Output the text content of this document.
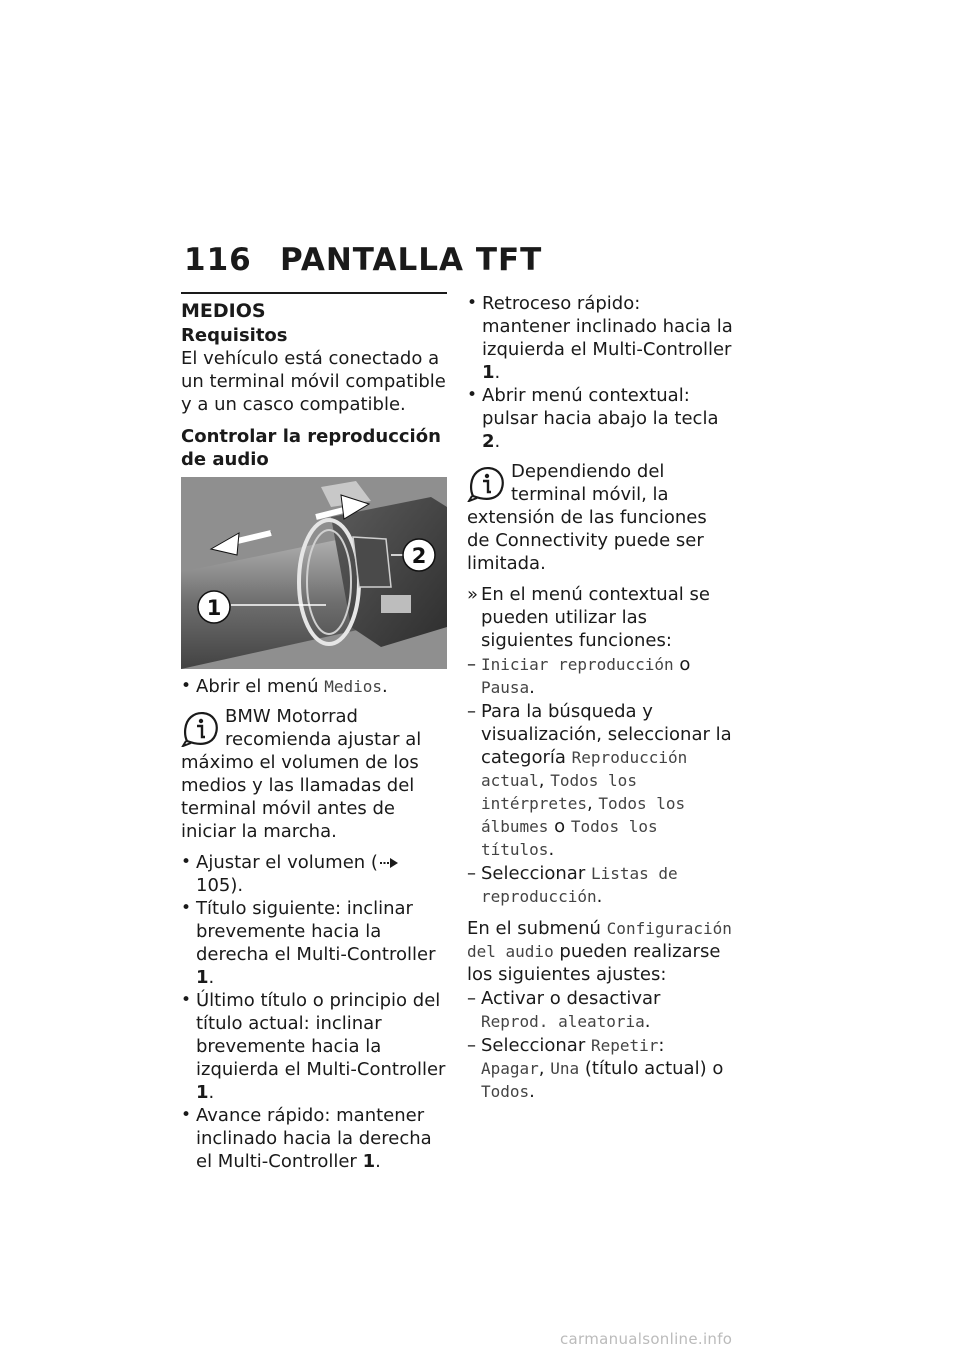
116 PANTALLA TFT
MEDIOS
Requisitos

El vehículo está conectado a un terminal móvil compatible y a un casco compatible.

Controlar la reproducción de audio
1
2
• Abrir el menú Medios.
BMW Motorrad recomienda ajustar al máximo el volumen de los medios y las llamadas del terminal móvil antes de iniciar la marcha.
• Ajustar el volumen (105).
• Título siguiente: inclinar brevemente hacia la derecha el Multi-Controller 1.
• Último título o principio del título actual: inclinar brevemente hacia la izquierda el Multi-Controller 1.
• Avance rápido: mantener inclinado hacia la derecha el Multi-Controller 1.
• Retroceso rápido: mantener inclinado hacia la izquierda el Multi-Controller 1.
• Abrir menú contextual: pulsar hacia abajo la tecla 2.
Dependiendo del terminal móvil, la extensión de las funciones de Connectivity puede ser limitada.
» En el menú contextual se pueden utilizar las siguientes funciones:
– Iniciar reproducción o Pausa.
– Para la búsqueda y visualización, seleccionar la categoría Reproducción actual, Todos los intérpretes, Todos los álbumes o Todos los títulos.
– Seleccionar Listas de reproducción.

En el submenú Configuración del audio pueden realizarse los siguientes ajustes:

– Activar o desactivar Reprod. aleatoria.
– Seleccionar Repetir: Apagar, Una (título actual) o Todos.
carmanualsonline.info
